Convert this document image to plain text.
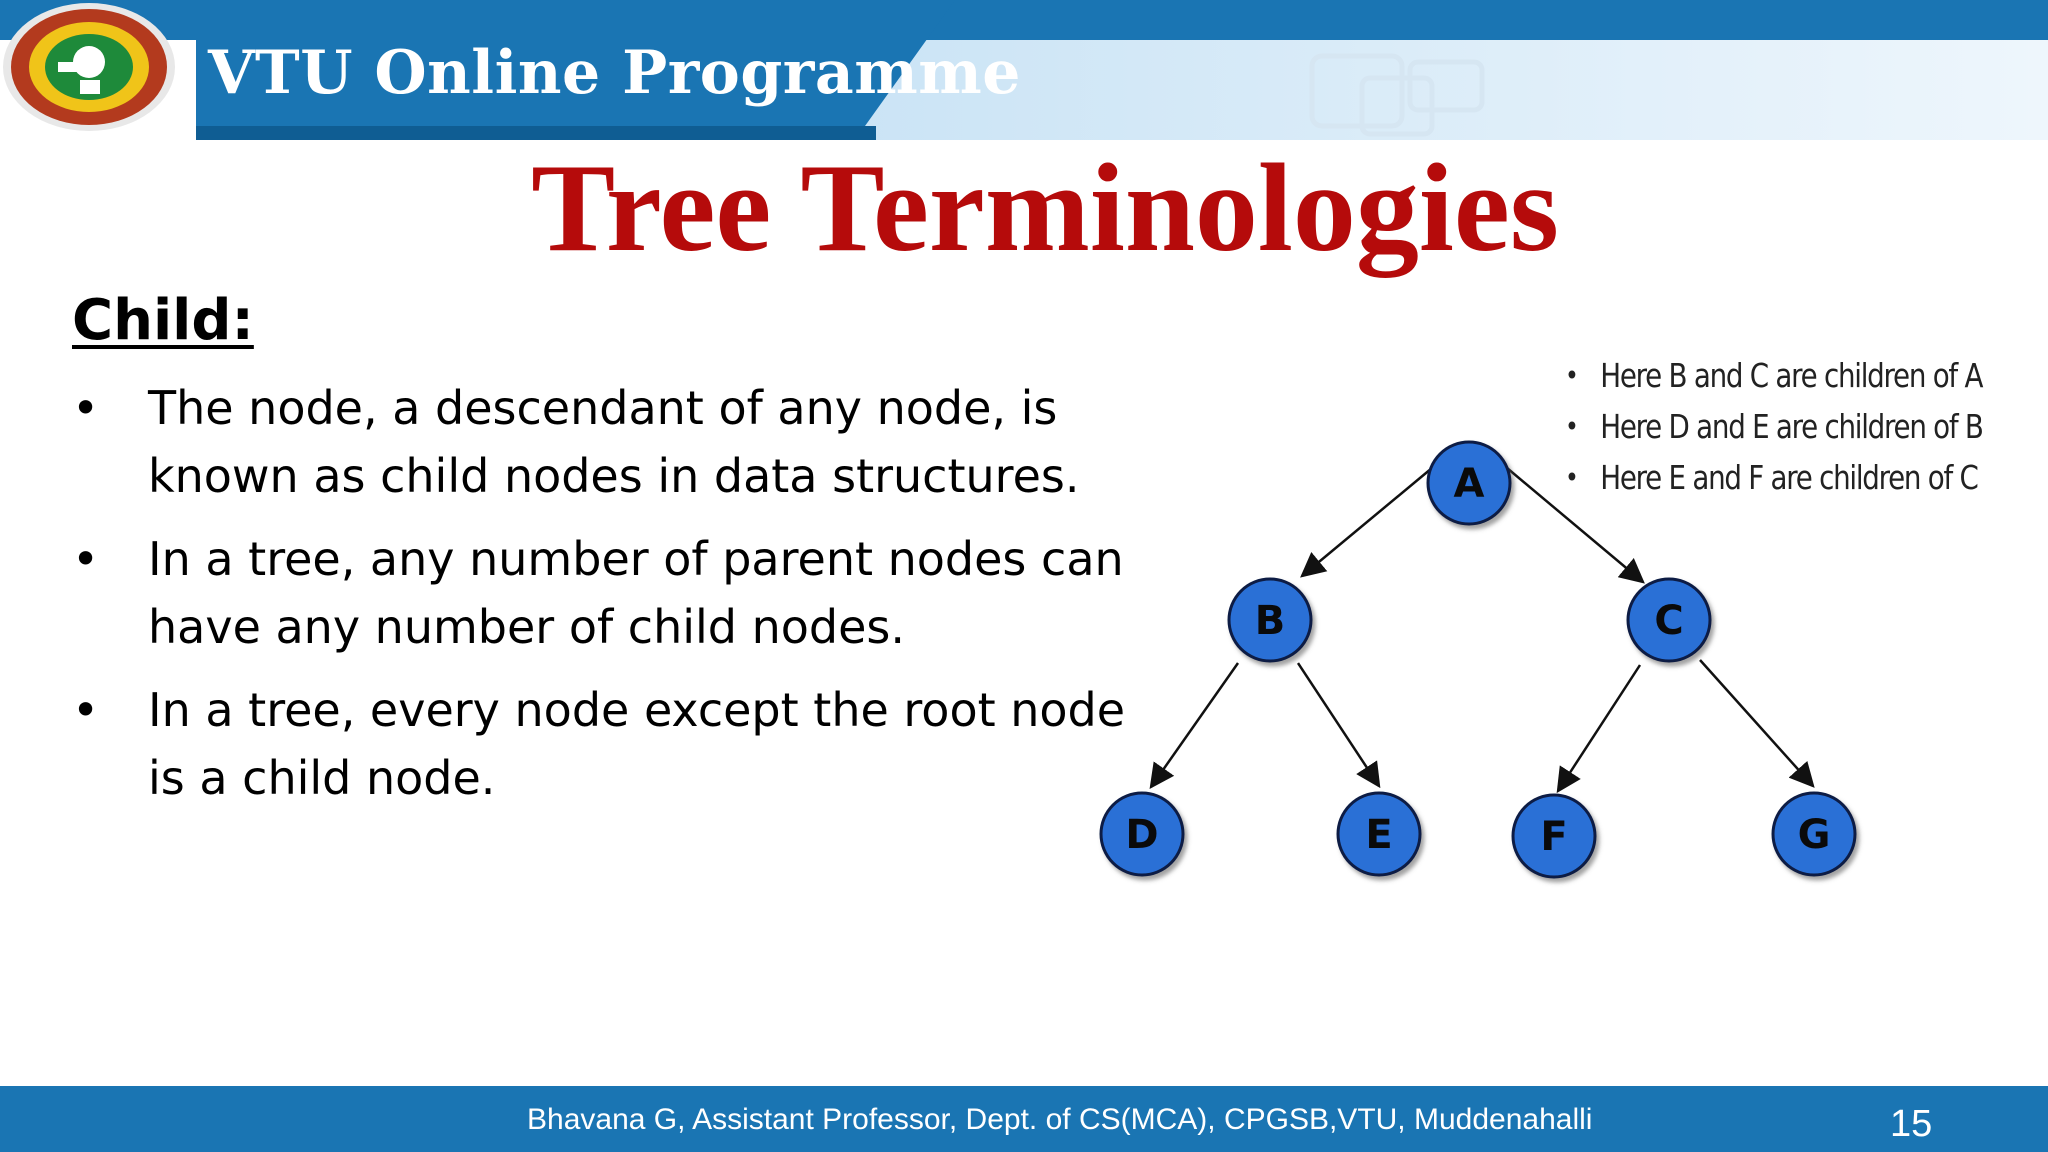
VTU Online Programme
Tree Terminologies
Child:
• The node, a descendant of any node, is known as child nodes in data structures.
• In a tree, any number of parent nodes can have any number of child nodes.
• In a tree, every node except the root node is a child node.
A
B	C
D	E	F	G
• Here B and C are children of A
• Here D and E are children of B
• Here E and F are children of C
Bhavana G, Assistant Professor, Dept. of CS(MCA), CPGSB,VTU, Muddenahalli	15
